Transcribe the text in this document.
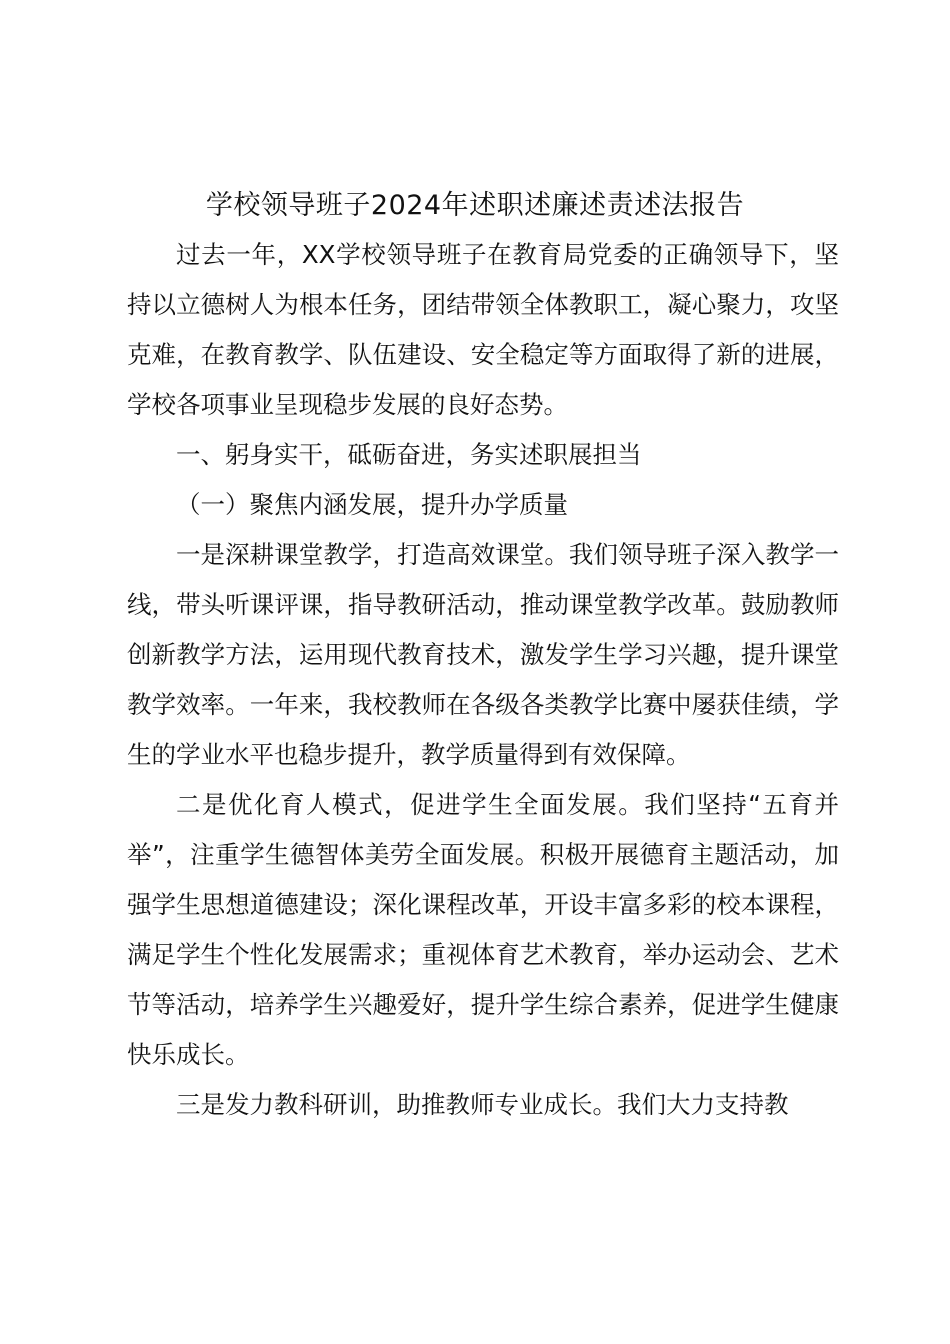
学校领导班子2024年述职述廉述责述法报告

过去一年，XX学校领导班子在教育局党委的正确领导下，坚持以立德树人为根本任务，团结带领全体教职工，凝心聚力，攻坚克难，在教育教学、队伍建设、安全稳定等方面取得了新的进展，学校各项事业呈现稳步发展的良好态势。

一、躬身实干，砥砺奋进，务实述职展担当

（一）聚焦内涵发展，提升办学质量

一是深耕课堂教学，打造高效课堂。我们领导班子深入教学一线，带头听课评课，指导教研活动，推动课堂教学改革。鼓励教师创新教学方法，运用现代教育技术，激发学生学习兴趣，提升课堂教学效率。一年来，我校教师在各级各类教学比赛中屡获佳绩，学生的学业水平也稳步提升，教学质量得到有效保障。

二是优化育人模式，促进学生全面发展。我们坚持“五育并举”，注重学生德智体美劳全面发展。积极开展德育主题活动，加强学生思想道德建设；深化课程改革，开设丰富多彩的校本课程，满足学生个性化发展需求；重视体育艺术教育，举办运动会、艺术节等活动，培养学生兴趣爱好，提升学生综合素养，促进学生健康快乐成长。

三是发力教科研训，助推教师专业成长。我们大力支持教
